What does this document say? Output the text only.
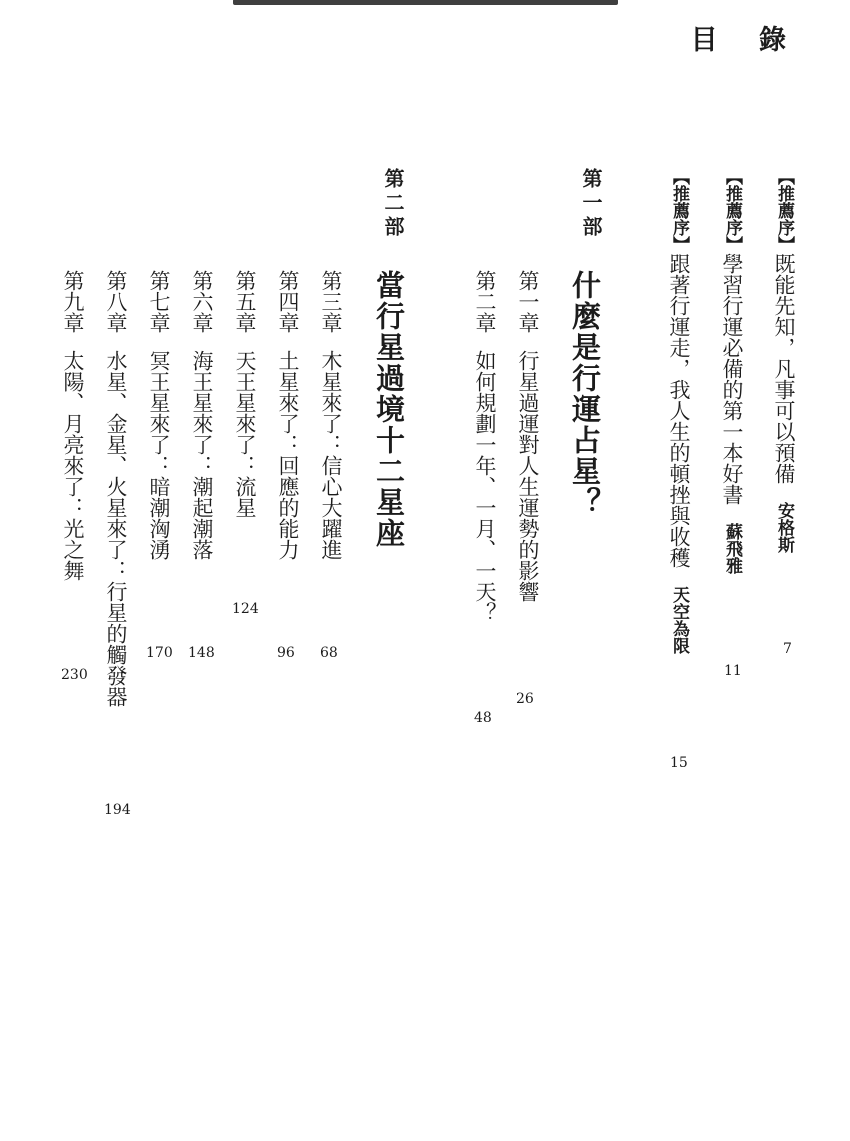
目 錄
【推薦序】既能先知，凡事可以預備安格斯
7
【推薦序】學習行運必備的第一本好書蘇飛雅
11
【推薦序】跟著行運走，我人生的頓挫與收穫天空為限
15
第一部
什麼是行運占星？
第一章行星過運對人生運勢的影響
26
第二章如何規劃一年、一月、一天？
48
第二部
當行星過境十二星座
第三章木星來了：信心大躍進
68
第四章土星來了：回應的能力
96
第五章天王星來了：流星
124
第六章海王星來了：潮起潮落
148
第七章冥王星來了：暗潮洶湧
170
第八章水星、金星、火星來了：行星的觸發器
194
第九章太陽、月亮來了：光之舞
230
